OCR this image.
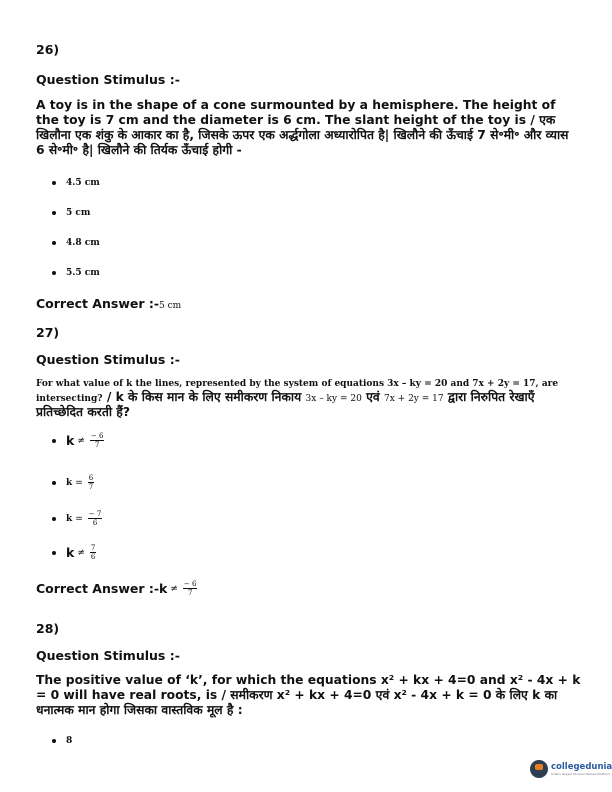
26)
Question Stimulus :-
A toy is in the shape of a cone surmounted by a hemisphere. The height of the toy is 7 cm and the diameter is 6 cm. The slant height of the toy is / एक खिलौना एक शंकु के आकार का है, जिसके ऊपर एक अर्द्धगोला अध्यारोपित है| खिलौने की ऊँचाई 7 से॰मी॰ और व्यास 6 से॰मी॰ है| खिलौने की तिर्यक ऊँचाई होगी -
4.5 cm
5 cm
4.8 cm
5.5 cm
Correct Answer :-5 cm
27)
Question Stimulus :-
For what value of k the lines, represented by the system of equations 3x – ky = 20 and 7x + 2y = 17, are intersecting? / k के किस मान के लिए समीकरण निकाय 3x – ky = 20 एवं 7x + 2y = 17 द्वारा निरुपित रेखाएँ प्रतिच्छेदित करती हैं?
$k \ne \frac{- 6}{7}$
$k = \frac{6}{7}$
$k = \frac{- 7}{6}$
$k \ne \frac{7}{6}$
Correct Answer :- $k \ne \frac{- 6}{7}$
28)
Question Stimulus :-
The positive value of ‘k’, for which the equations x² + kx + 4=0 and x² - 4x + k = 0 will have real roots, is / समीकरण x² + kx + 4=0 एवं x² - 4x + k = 0 के लिए k का धनात्मक मान होगा जिसका वास्तविक मूल है :
8
collegedunia
India's largest Student Review Platform
